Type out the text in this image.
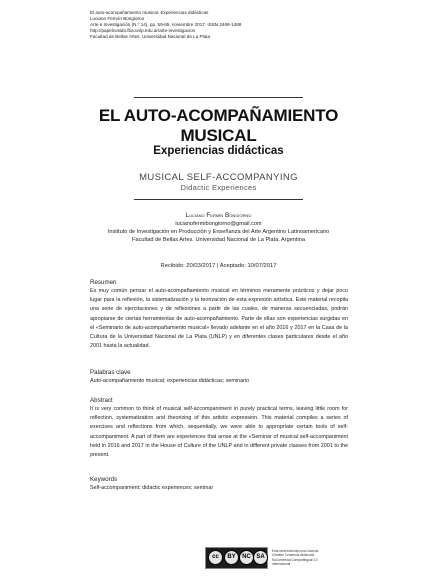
El auto-acompañamiento musical. Experiencias didácticas
Luciano Fermín Bongiorno
Arte e Investigación (N.º 14), pp. 59-65, noviembre 2017. ISSN 2469-1488
http://papelcosido.fba.unlp.edu.ar/arte-investigacion
Facultad de Bellas Artes. Universidad Nacional de La Plata
EL AUTO-ACOMPAÑAMIENTO
MUSICAL
Experiencias didácticas
MUSICAL SELF-ACCOMPANYING
Didactic Experiences
Luciano Fermín Bongiorno
lucianofermibongiorno@gmail.com
Instituto de Investigación en Producción y Enseñanza del Arte Argentino Latinoamericano
Facultad de Bellas Artes. Universidad Nacional de La Plata. Argentina
Recibido: 20/03/2017 | Aceptado: 10/07/2017
Resumen
Es muy común pensar el auto-acompañamiento musical en términos meramente prácticos y dejar poco lugar para la reflexión, la sistematización y la teorización de esta expresión artística. Este material recopila una serie de ejercitaciones y de reflexiones a partir de las cuales, de maneras secuenciadas, podrán apropiarse de ciertas herramientas de auto-acompañamiento. Parte de ellas son experiencias surgidas en el «Seminario de auto-acompañamiento musical» llevado adelante en el año 2016 y 2017 en la Casa de la Cultura de la Universidad Nacional de La Plata (UNLP) y en diferentes clases particulares desde el año 2001 hasta la actualidad.
Palabras clave
Auto-acompañamiento musical; experiencias didácticas; seminario
Abstract
It is very common to think of musical self-accompaniment in purely practical terms, leaving little room for reflection, systematization and theorizing of this artistic expression. This material compiles a series of exercises and reflections from which, sequentially, we were able to appropriate certain tools of self-accompaniment. A part of them are experiences that arose at the «Seminar of musical self-accompaniment held in 2016 and 2017 in the House of Culture of the UNLP and in different private classes from 2001 to the present.
Keywords
Self-accompaniment; didactic experiences; seminar
cc	BY	NC SA
Esta obra está bajo una Licencia Creative Commons Atribución-NoComercial-CompartirIgual 4.0 Internacional
